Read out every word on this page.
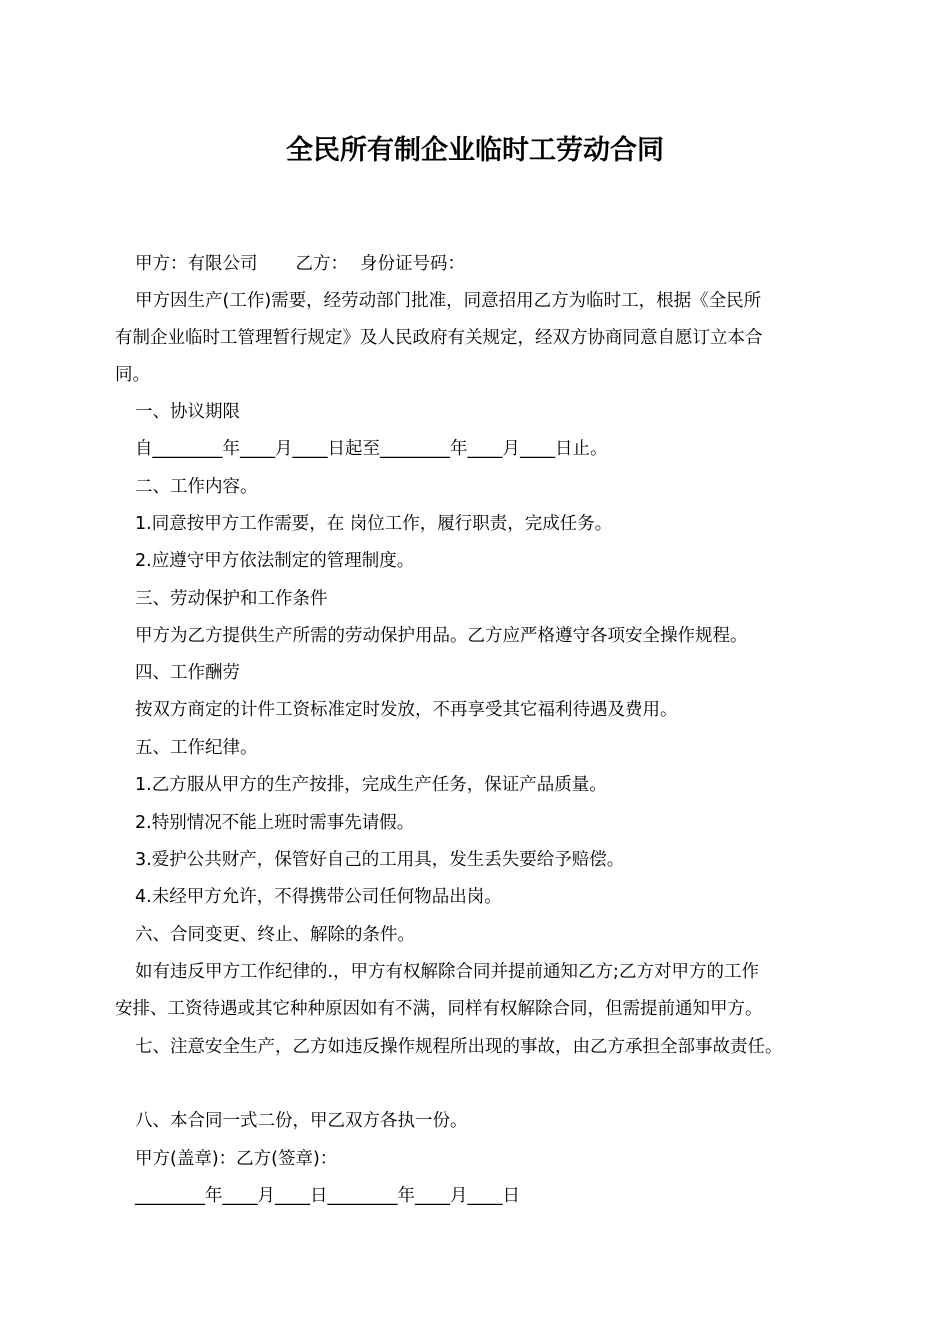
全民所有制企业临时工劳动合同

甲方：有限公司 乙方： 身份证号码：

甲方因生产(工作)需要，经劳动部门批准，同意招用乙方为临时工，根据《全民所

有制企业临时工管理暂行规定》及人民政府有关规定，经双方协商同意自愿订立本合

同。

一、协议期限

自________年____月____日起至________年____月____日止。

二、工作内容。

1.同意按甲方工作需要，在 岗位工作，履行职责，完成任务。

2.应遵守甲方依法制定的管理制度。

三、劳动保护和工作条件

甲方为乙方提供生产所需的劳动保护用品。乙方应严格遵守各项安全操作规程。

四、工作酬劳

按双方商定的计件工资标准定时发放，不再享受其它福利待遇及费用。

五、工作纪律。

1.乙方服从甲方的生产按排，完成生产任务，保证产品质量。

2.特别情况不能上班时需事先请假。

3.爱护公共财产，保管好自己的工用具，发生丢失要给予赔偿。

4.未经甲方允许，不得携带公司任何物品出岗。

六、合同变更、终止、解除的条件。

如有违反甲方工作纪律的.，甲方有权解除合同并提前通知乙方;乙方对甲方的工作

安排、工资待遇或其它种种原因如有不满，同样有权解除合同，但需提前通知甲方。

七、注意安全生产，乙方如违反操作规程所出现的事故，由乙方承担全部事故责任。

八、本合同一式二份，甲乙双方各执一份。

甲方(盖章)：乙方(签章)：

________年____月____日________年____月____日
